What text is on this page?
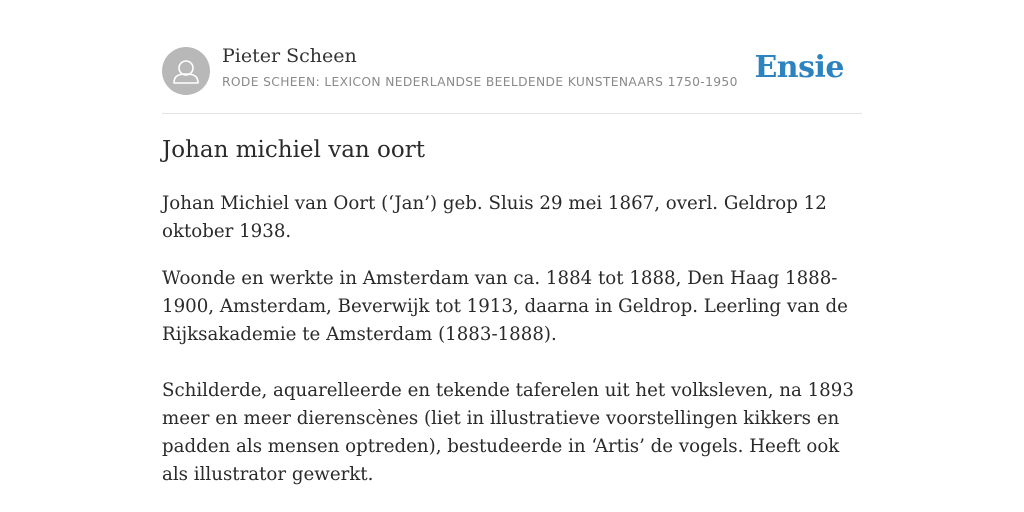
Pieter Scheen
RODE SCHEEN: LEXICON NEDERLANDSE BEELDENDE KUNSTENAARS 1750-1950 Ensie
Johan michiel van oort

Johan Michiel van Oort (‘Jan’) geb. Sluis 29 mei 1867, overl. Geldrop 12 oktober 1938.

Woonde en werkte in Amsterdam van ca. 1884 tot 1888, Den Haag 1888-1900, Amsterdam, Beverwijk tot 1913, daarna in Geldrop. Leerling van de Rijksakademie te Amsterdam (1883-1888).

Schilderde, aquarelleerde en tekende taferelen uit het volksleven, na 1893 meer en meer dierenscènes (liet in illustratieve voorstellingen kikkers en padden als mensen optreden), bestudeerde in ‘Artis’ de vogels. Heeft ook als illustrator gewerkt.
